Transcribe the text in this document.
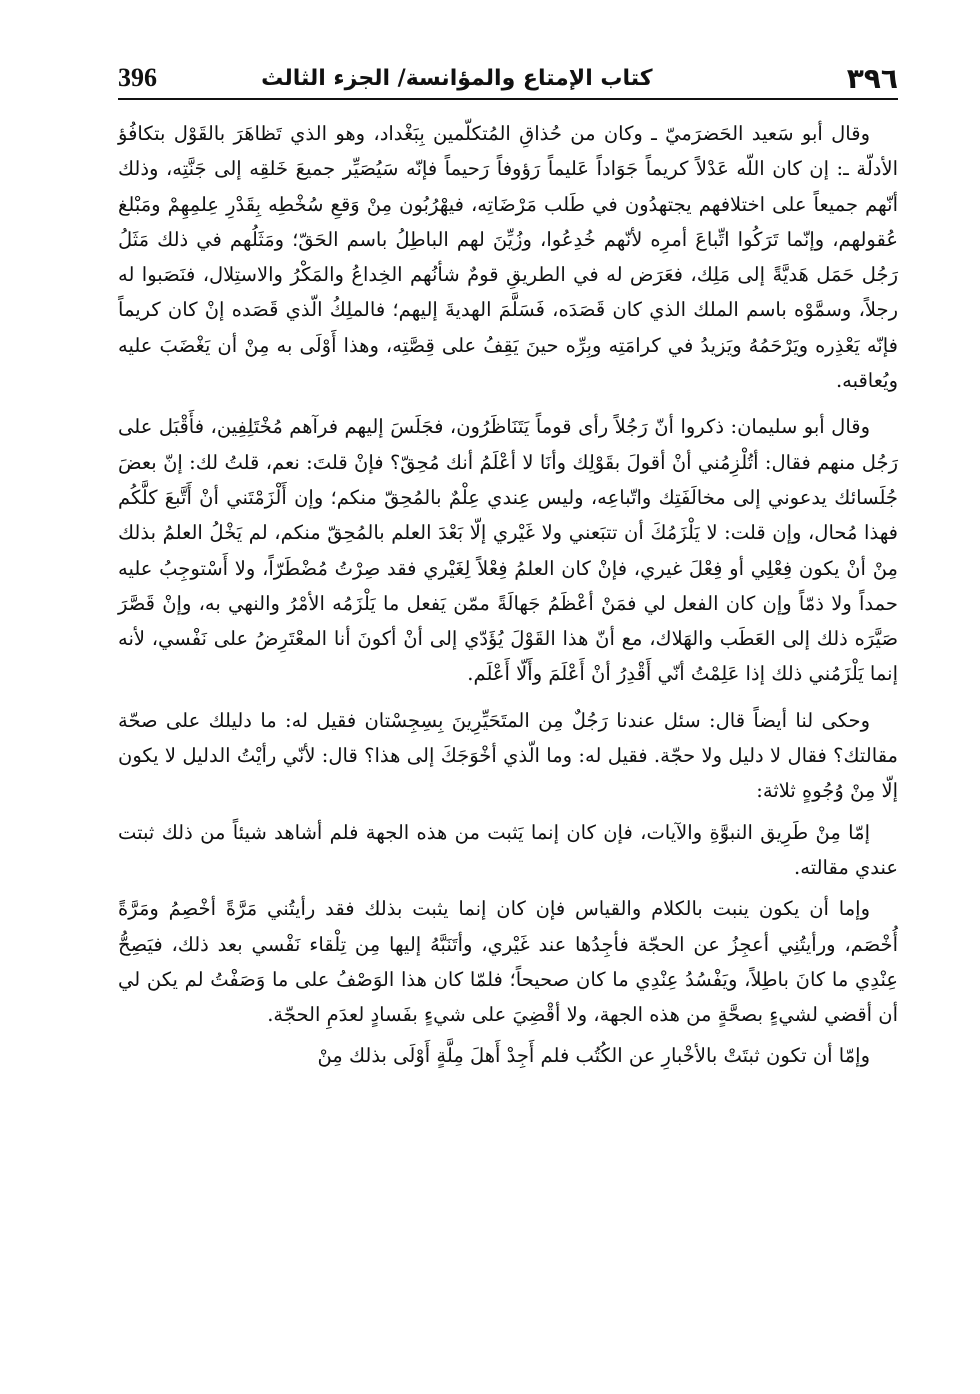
٣٩٦
كتاب الإمتاع والمؤانسة/ الجزء الثالث
396

وقال أبو سَعيد الحَضرَميّ ـ وكان من حُذاقِ المُتكلّمين بِبَغْداد، وهو الذي تَظاهَرَ بالقَوْل بتكافُؤ الأدلّة ـ: إن كان اللّه عَدْلاً كريماً جَوَاداً عَليماً رَؤوفاً رَحيماً فإنّه سَيُصَيِّر جميعَ خَلقِه إلى جَنَّتِه، وذلك أنّهم جميعاً على اختلافهم يجتهدُون في طَلب مَرْضَاتِه، فيهْرُبُون مِنْ وَقعِ سُخْطِه بِقَدْرِ عِلمِهِمْ ومَبْلغ عُقولهم، وإنّما تَرَكُوا اتِّباعَ أمرِه لأنّهم خُدِعُوا، وزُيِّنَ لهم الباطِلُ باسم الحَقّ؛ ومَثَلُهم في ذلك مَثَلُ رَجُل حَمَل هَديَّةً إلى مَلِك، فعَرَض له في الطريقِ قومٌ شأنُهم الخِداعُ والمَكْرُ والاستِلال، فنَصَبوا له رجلاً، وسمَّوْه باسم الملك الذي كان قَصَدَه، فَسَلَّمَ الهديةَ إليهم؛ فالملِكُ الّذي قَصَده إنْ كان كريماً فإنّه يَعْذِره ويَرْحَمُهُ ويَزيدُ في كرامَتِه وبِرِّه حينَ يَقِفُ على قِصَّتِه، وهذا أَوْلَى به مِنْ أن يَغْضَبَ عليه ويُعاقبه.

وقال أبو سليمان: ذكروا أنّ رَجُلاً رأى قوماً يَتَنَاظَرُون، فجَلَسَ إليهم فرآهم مُخْتَلِفِين، فأَقْبَل على رَجُل منهم فقال: أتُلْزِمُني أنْ أقولَ بقَوْلِك وأنَا لا أعْلَمُ أنك مُحِقّ؟ فإنْ قلتَ: نعم، قلتُ لك: إنّ بعضَ جُلَسائك يدعوني إلى مخالَفَتِك واتّباعِه، وليس عِندي عِلْمٌ بالمُحِقّ منكم؛ وإن أَلْزَمْتَني أنْ أَتَّبعَ كلَّكُم فهذا مُحال، وإن قلت: لا يَلْزَمُكَ أن تتبَعني ولا غَيْري إلّا بَعْدَ العلم بالمُحِقّ منكم، لم يَخْلُ العلمُ بذلك مِنْ أنْ يكون فِعْلِي أو فِعْلَ غيري، فإنْ كان العلمُ فِعْلاً لِغَيْري فقد صِرْتُ مُضْطَرّاً، ولا أَسْتوجِبُ عليه حمداً ولا ذمّاً وإن كان الفعل لي فمَنْ أعْظَمُ جَهالَةً ممّن يَفعل ما يَلْزَمُه الأمْرُ والنهي به، وإنْ قَصَّرَ صَيَّرَه ذلك إلى العَطَب والهَلاك، مع أنّ هذا القَوْلَ يُؤَدّي إلى أنْ أكونَ أنا المعْتَرِضُ على نَفْسي، لأنه إنما يَلْزَمُني ذلك إذا عَلِمْتُ أنّي أَقْدِرُ أنْ أَعْلَمَ وأَلّا أَعْلَم.

وحكى لنا أيضاً قال: سئل عندنا رَجُلٌ مِن المتَحَيِّرِينَ بِسِجِسْتان فقيل له: ما دليلك على صحّة مقالتك؟ فقال لا دليل ولا حجّة. فقيل له: وما الّذي أخْوَجَكَ إلى هذا؟ قال: لأنّي رأيْتُ الدليل لا يكون إلّا مِنْ وُجُوهٍ ثلاثة:

إمّا مِنْ طَرِيق النبوَّةِ والآيات، فإن كان إنما يَثبت من هذه الجهة فلم أشاهد شيئاً من ذلك ثبتت عندي مقالته.

وإما أن يكون ينبت بالكلام والقياس فإن كان إنما يثبت بذلك فقد رأيتُني مَرَّةً أخْصِمُ ومَرَّةً أُخْصَم، ورأيتُنِي أعجِزُ عن الحجّة فأجِدُها عند غَيْري، وأتَنَبَّهُ إليها مِن تِلْقاء نَفْسي بعد ذلك، فيَصِحُّ عِنْدِي ما كانَ باطِلاً، ويَفْسُدُ عِنْدِي ما كان صحيحاً؛ فلمّا كان هذا الوَصْفُ على ما وَصَفْتُ لم يكن لي أن أقضي لشيءٍ بصحَّةٍ من هذه الجهة، ولا أقْضِيَ على شيءٍ بفَسادٍ لعدَمِ الحجّة.

وإمّا أن تكون ثبتَتْ بالأخْبارِ عن الكُتُب فلم أَجِدْ أَهلَ مِلَّةٍ أَوْلَى بذلك مِنْ
